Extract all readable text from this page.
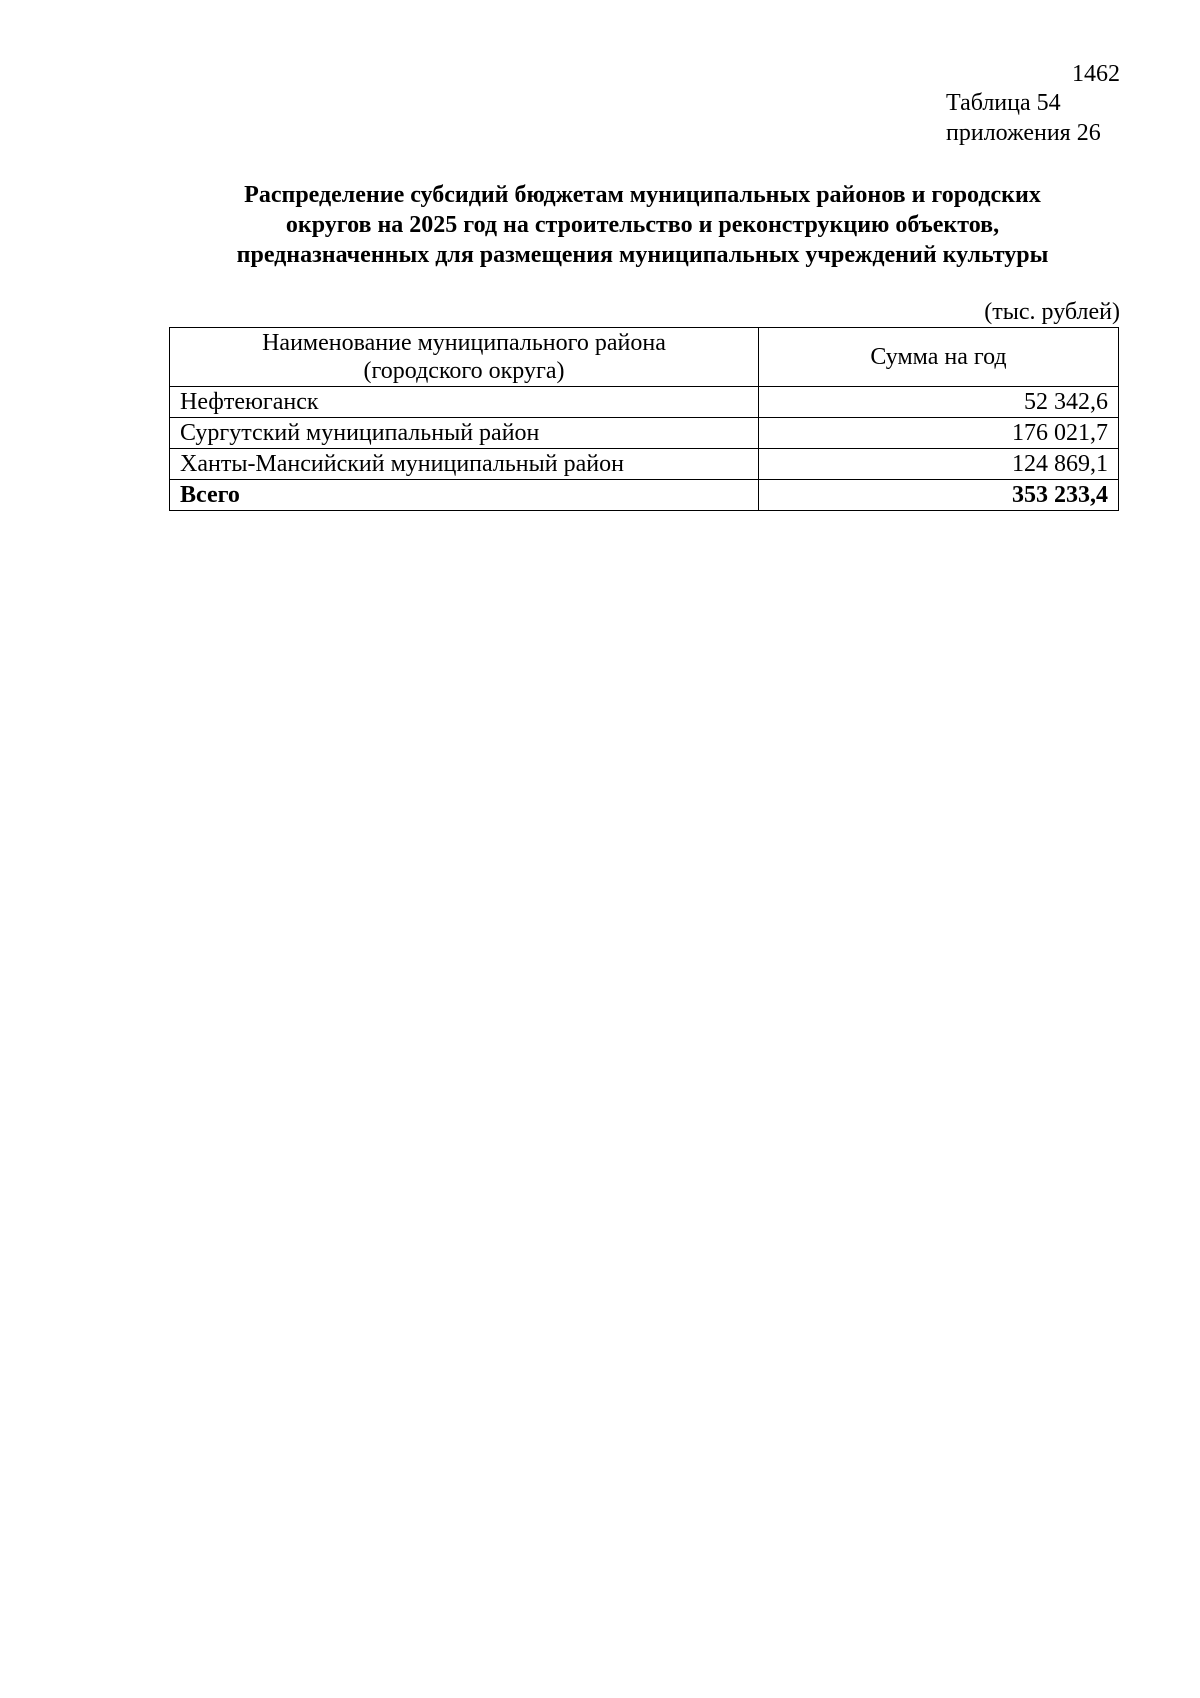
1462
Таблица 54
приложения 26
Распределение субсидий бюджетам муниципальных районов и городских
округов на 2025 год на строительство и реконструкцию объектов,
предназначенных для размещения муниципальных учреждений культуры
(тыс. рублей)
Наименование муниципального района
(городского округа)	Сумма на год
Нефтеюганск	52 342,6
Сургутский муниципальный район	176 021,7
Ханты-Мансийский муниципальный район	124 869,1
Всего	353 233,4
